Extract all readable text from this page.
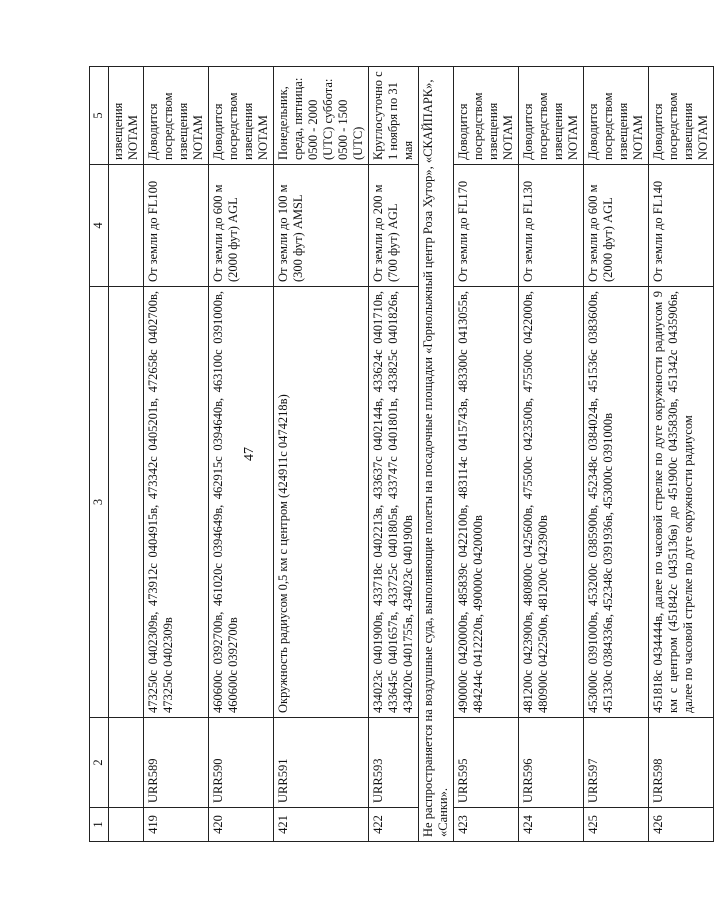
47
1	2	3	4	5
				извещения NOTAM
419	URR589	473250с 0402309в, 473912с 0404915в, 473342с 0405201в, 472658с 0402700в, 473250с 0402309в	От земли до FL100	Доводится посредством извещения NOTAM
420	URR590	460600с 0392700в, 461020с 0394649в, 462915с 0394640в, 463100с 0391000в, 460600с 0392700в	От земли до 600 м (2000 фут) AGL	Доводится посредством извещения NOTAM
421	URR591	Окружность радиусом 0,5 км с центром (424911с 0474218в)	От земли до 100 м (300 фут) AMSL	Понедельник, среда, пятница: 0500 - 2000 (UTC) суббота: 0500 - 1500 (UTC)
422	URR593	434023с 0401900в, 433718с 0402213в, 433637с 0402144в, 433624с 0401710в, 433645с 0401657в, 433725с 0401805в, 433747с 0401801в, 433825с 0401826в, 434020с 0401755в, 434023с 0401900в	От земли до 200 м (700 фут) AGL	Круглосуточно с 1 ноября по 31 мая
Не распространяется на воздушные суда, выполняющие полеты на посадочные площадки «Горнолыжный центр Роза Хутор», «СКАЙПАРК», «Санки».				
423	URR595	490000с 0420000в, 485839с 0422100в, 483114с 0415743в, 483300с 0413055в, 484244с 0412220в, 490000с 0420000в	От земли до FL170	Доводится посредством извещения NOTAM
424	URR596	481200с 0423900в, 480800с 0425600в, 475500с 0423500в, 475500с 0422000в, 480900с 0422500в, 481200с 0423900в	От земли до FL130	Доводится посредством извещения NOTAM
425	URR597	453000с 0391000в, 453200с 0385900в, 452348с 0384024в, 451536с 0383600в, 451330с 0384336в, 452348с 0391936в, 453000с 0391000в	От земли до 600 м (2000 фут) AGL	Доводится посредством извещения NOTAM
426	URR598	451818с 0434444в, далее по часовой стрелке по дуге окружности радиусом 9 км с центром (451842с 0435136в) до 451900с 0435830в, 451342с 0435906в, далее по часовой стрелке по дуге окружности радиусом	От земли до FL140	Доводится посредством извещения NOTAM
